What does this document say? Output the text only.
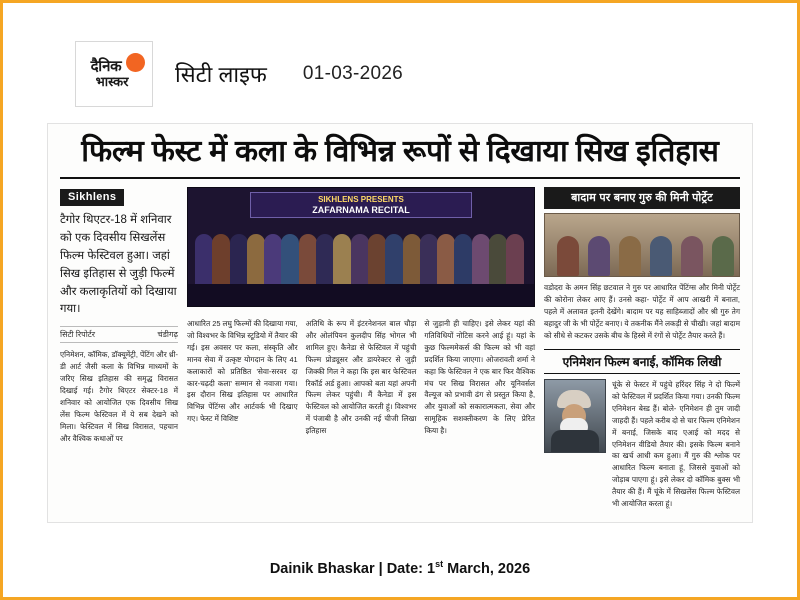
दैनिक
भास्कर सिटी लाइफ 01-03-2026
फिल्म फेस्ट में कला के विभिन्न रूपों से दिखाया सिख इतिहास
Sikhlens
टैगोर थिएटर-18 में शनिवार को एक दिवसीय सिखलेंस फिल्म फेस्टिवल हुआ। जहां सिख इतिहास से जुड़ी फिल्में और कलाकृतियों को दिखाया गया।
सिटी रिपोर्टर	चंडीगढ़
एनिमेशन, कॉमिक, डॉक्यूमेंट्री, पेंटिंग और थ्री-डी आर्ट जैसी कला के विभिन्न माध्यमों के जरिए सिख इतिहास की समृद्ध विरासत दिखाई गई। टैगोर थिएटर सेक्टर-18 में शनिवार को आयोजित एक दिवसीय सिख लेंस फिल्म फेस्टिवल में ये सब देखने को मिला। फेस्टिवल में सिख विरासत, पहचान और वैश्विक कथाओं पर
SIKHLENS PRESENTS
ZAFARNAMA RECITAL
आधारित 25 लघु फिल्मों की दिखाया गया, जो विश्वभर के विभिन्न स्टूडियो में तैयार की गई। इस अवसर पर कला, संस्कृति और मानव सेवा में उत्कृष्ट योगदान के लिए 41 कलाकारों को प्रतिष्ठित 'सेवा-सरवर दा कार-चढ़दी कला' सम्मान से नवाजा गया। इस दौरान सिख इतिहास पर आधारित विभिन्न पेंटिंग्स और आर्टवर्क भी दिखाए गए। फेस्ट में विशिष्ट
अतिथि के रूप में इंटरनेशनल बाल चौड़ा और ओलंपियन कुलदीप सिंह भोगल भी शामिल हुए। कैनेडा से फेस्टिवल में पहुंची फिल्म प्रोड्यूसर और डायरेक्टर से जुड़ी जिक्की गिल ने कहा कि इस बार फेस्टिवल रिकॉर्ड अर्ड हुआ। आपको बता यहां अपनी फिल्म लेकर पहुंची। मैं कैनेडा में इस फेस्टिवल को आयोजित करती हूं। विश्वभर में पंजाबी है और उनकी नई चीजी लिखा इतिहास
से जुड़ानी ही चाहिए। इसे लेकर यहां की गतिविधियों नोटिस करने आई हूं। यहां के कुछ फिल्ममेकर्स की फिल्म को भी वहां प्रदर्शित किया जाएगा। ओजरावती शर्मा ने कहा कि फेस्टिवल ने एक बार फिर वैश्विक मंच पर सिख विरासत और यूनिवर्सल वैल्यूज को प्रभावी ढंग से प्रस्तुत किया है, और युवाओं को सकारात्मकता, सेवा और सामूहिक सशक्तीकरण के लिए प्रेरित किया है।
बादाम पर बनाए गुरु की मिनी पोर्ट्रेट
वडोदरा के अमन सिंह छटवाल ने गुरु पर आधारित पेंटिंग्स और मिनी पोर्ट्रेट की कोरोना लेकर आए हैं। उनसे कहा- पोर्ट्रेट में आप आखरी में बनाता, पहले में अलावत इतनी देखेंगे। बादाम पर यह साहिब्जादों और श्री गुरु तेग बहादुर जी के भी पोर्ट्रेट बनाए। ये तकनीक मैंने लकड़ी से चीखी। जहां बादाम को सीधे से कटकर उसके बीच के हिस्से में रंगों से पोर्ट्रेट तैयार करते हैं।
एनिमेशन फिल्म बनाई, कॉमिक लिखी
चूंके से फेस्टर में पहुंचे हरिंदर सिंह ने दो फिल्में को फेस्टिवल में प्रदर्शित किया गया। उनकी फिल्म एनिमेशन बेस्ड हैं। बोले- एनिमेशन ही तुम जादी जाहदी हैं। पहले करीब दो से चार फिल्म एनिमेशन में बनाई, जिसके बाद एआई को मदद से एनिमेशन वीडियो तैयार की। इसके फिल्म बनाने का खर्च आधी कम हुआ। मैं गुरु की श्लोक पर आधारित फिल्म बनाता हूं, जिससे युवाओं को जोड़ाब पाएगा हूं। इसे लेकर दो कॉमिक बुक्स भी तैयार की हैं। मैं चूंके में सिखलेंस फिल्म फेस्टिवल भी आयोजित करता हूं।
Dainik Bhaskar | Date: 1st March, 2026
